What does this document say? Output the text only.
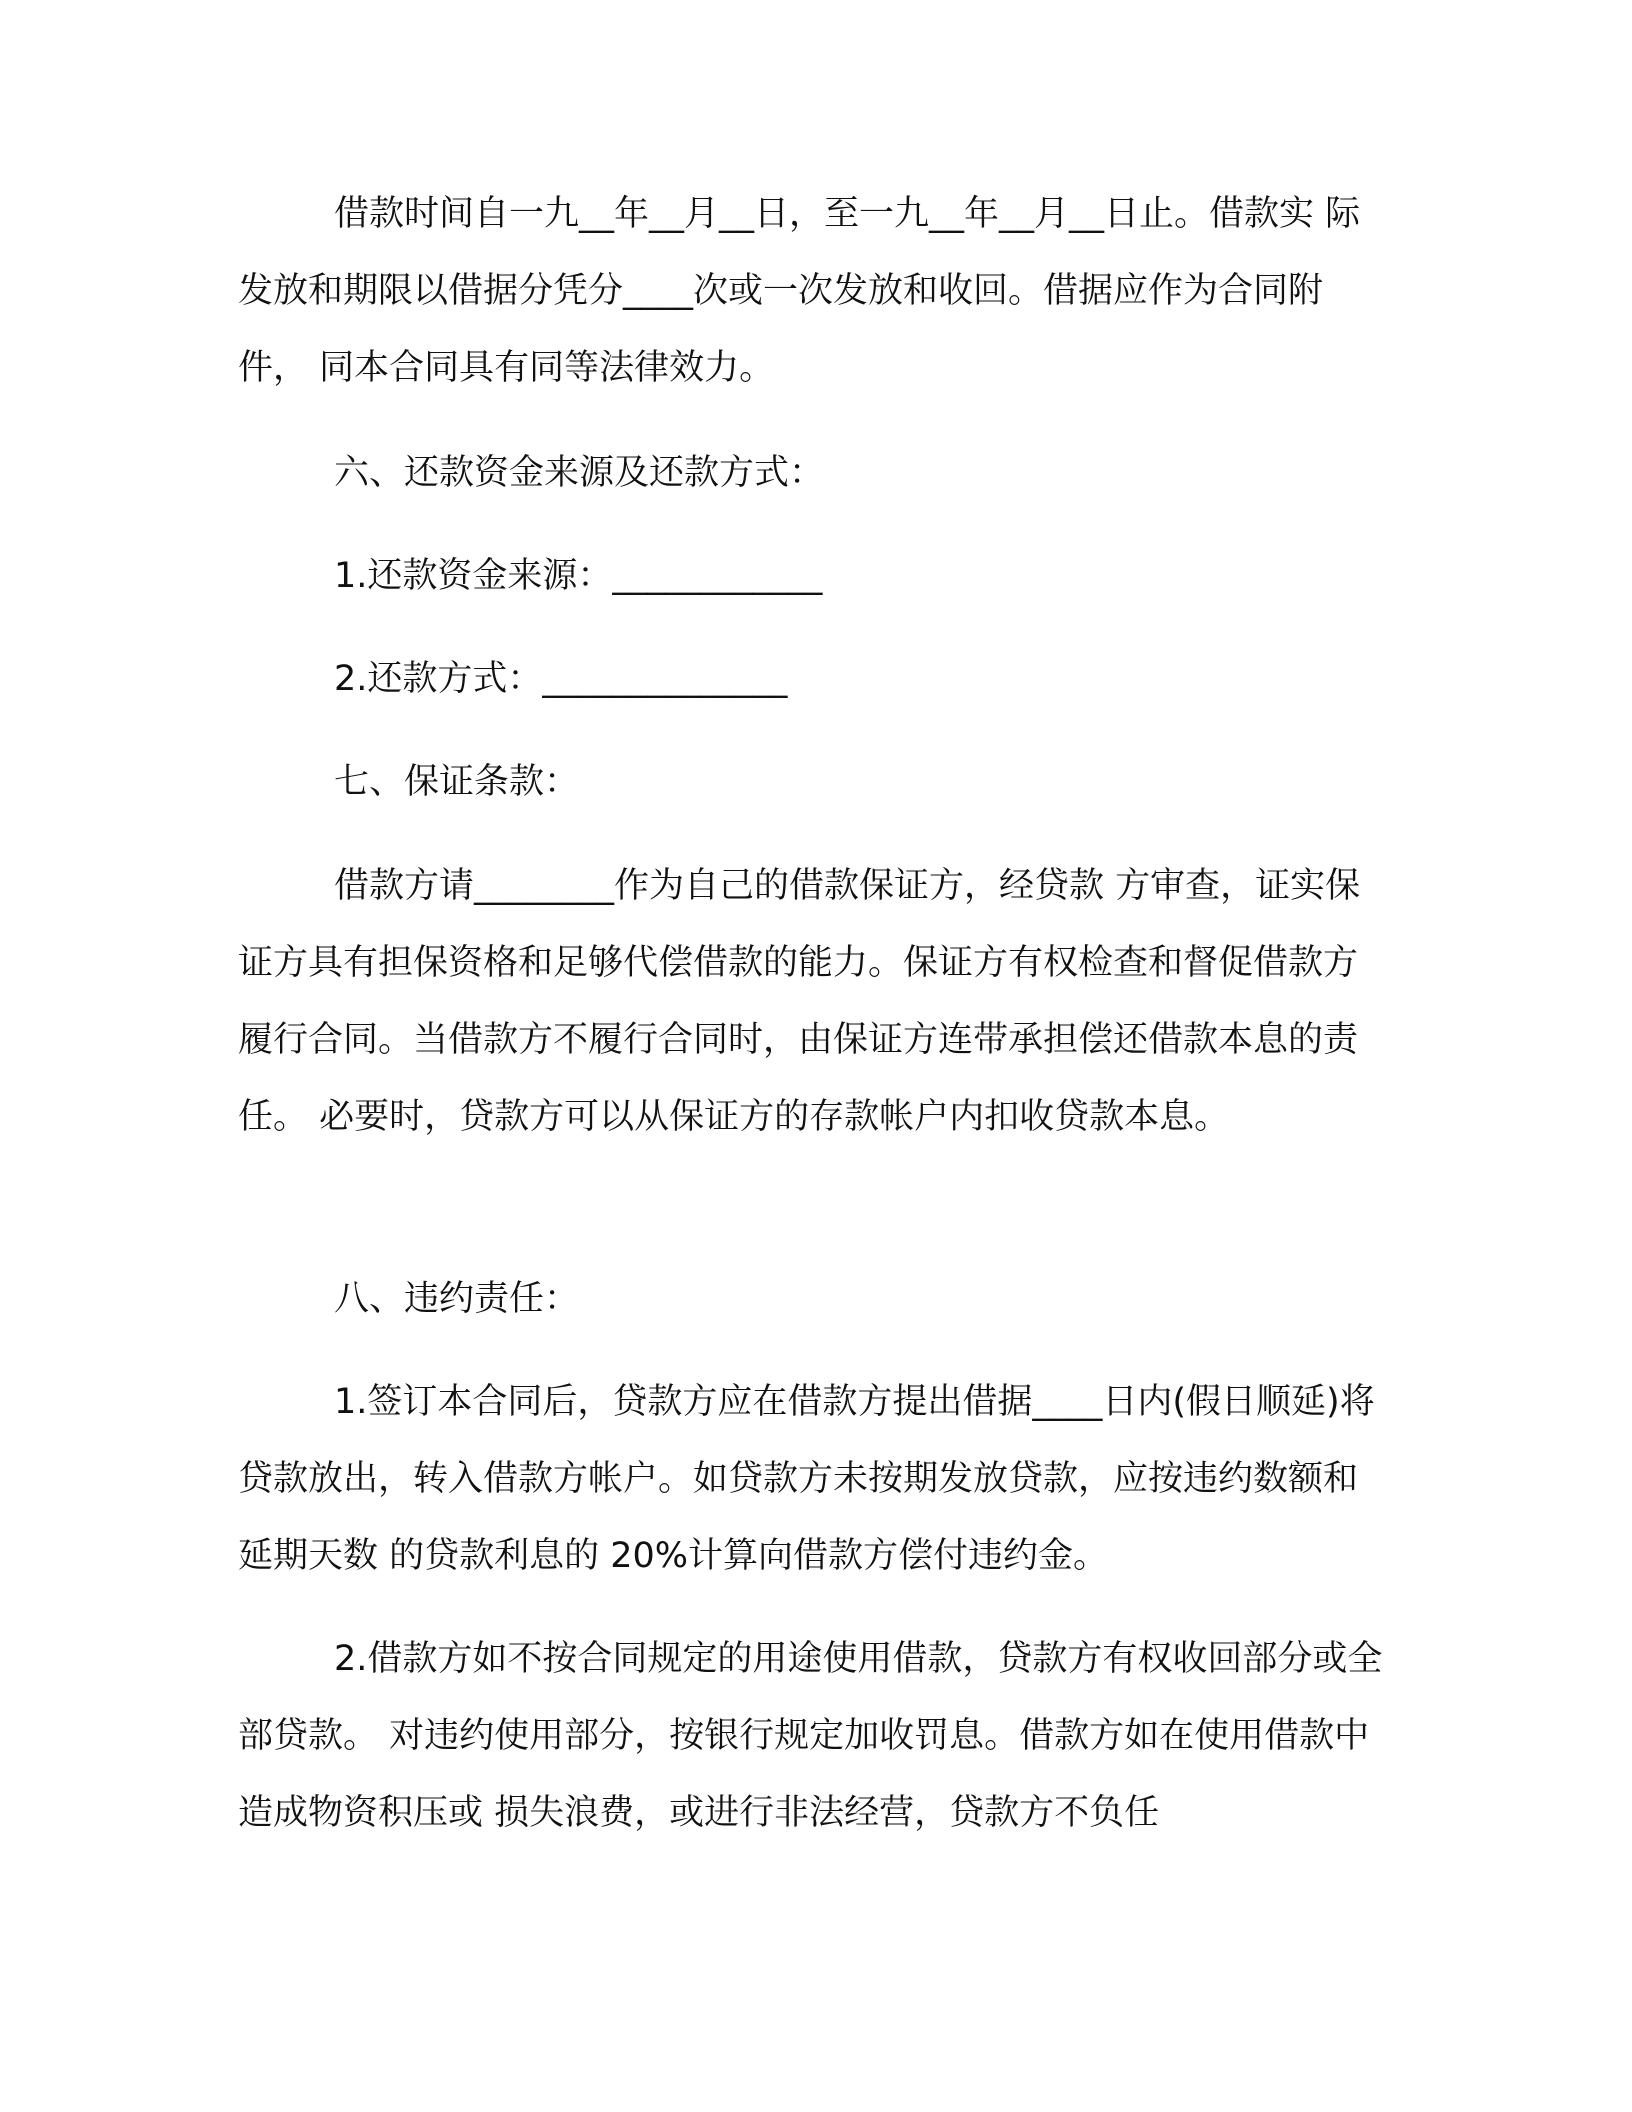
借款时间自一九__年__月__日，至一九__年__月__日止。借款实 际发放和期限以借据分凭分____次或一次发放和收回。借据应作为合同附件， 同本合同具有同等法律效力。

六、还款资金来源及还款方式：

1.还款资金来源：____________

2.还款方式：______________

七、保证条款：

借款方请________作为自己的借款保证方，经贷款 方审查，证实保证方具有担保资格和足够代偿借款的能力。保证方有权检查和督促借款方履行合同。当借款方不履行合同时，由保证方连带承担偿还借款本息的责任。 必要时，贷款方可以从保证方的存款帐户内扣收贷款本息。

八、违约责任：

1.签订本合同后，贷款方应在借款方提出借据____日内(假日顺延)将 贷款放出，转入借款方帐户。如贷款方未按期发放贷款，应按违约数额和延期天数 的贷款利息的 20%计算向借款方偿付违约金。

2.借款方如不按合同规定的用途使用借款，贷款方有权收回部分或全部贷款。 对违约使用部分，按银行规定加收罚息。借款方如在使用借款中造成物资积压或 损失浪费，或进行非法经营，贷款方不负任
